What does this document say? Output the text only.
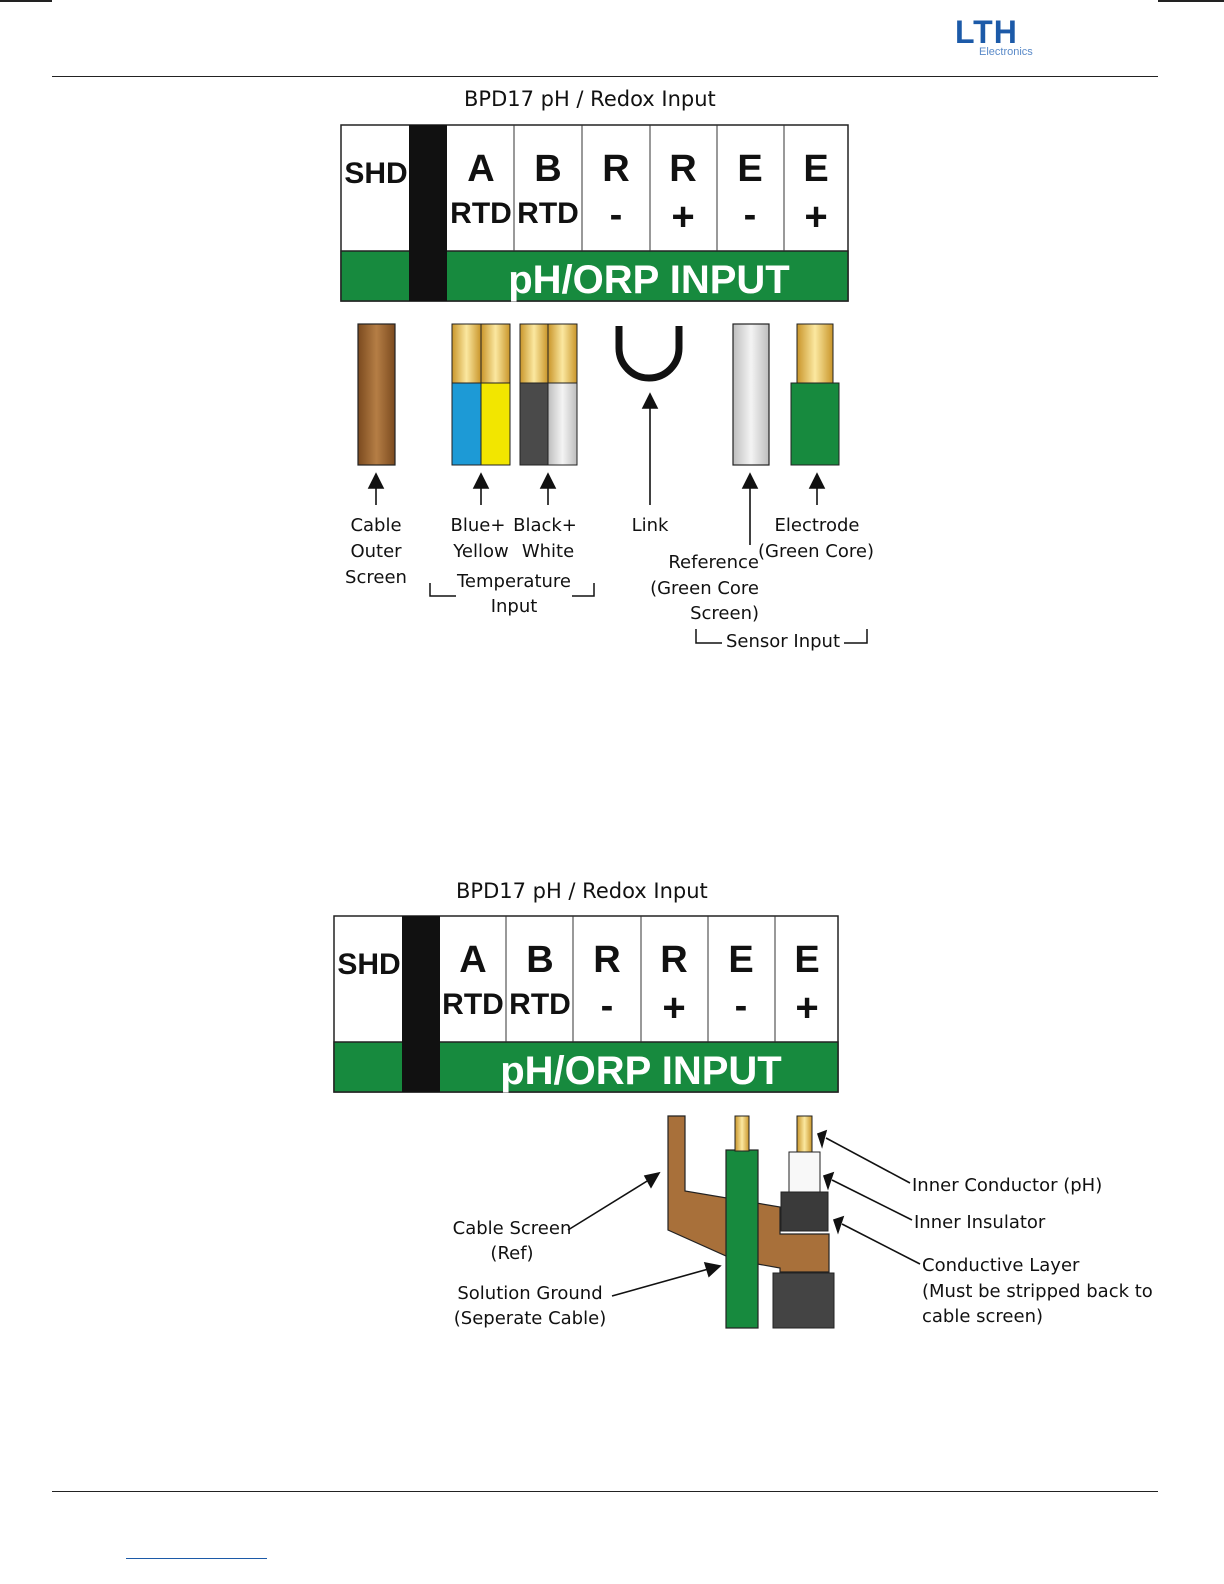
LTH
Electronics
BPD17 pH / Redox Input
SHD A
RTD
B
RTD
R
-
R
+
E
-
E
+
pH/ORP INPUT
Cable
Outer
Screen
Blue+
Yellow
Black+
White
Temperature
Input
Link
Reference
(Green Core
Screen)
Electrode
(Green Core)
Sensor Input
BPD17 pH / Redox Input
SHD A
RTD
B
RTD
R
-
R
+
E
-
E
+
pH/ORP INPUT
Cable Screen
(Ref)
Solution Ground
(Seperate Cable)
Inner Conductor (pH)
Inner Insulator
Conductive Layer
(Must be stripped back to
cable screen)
